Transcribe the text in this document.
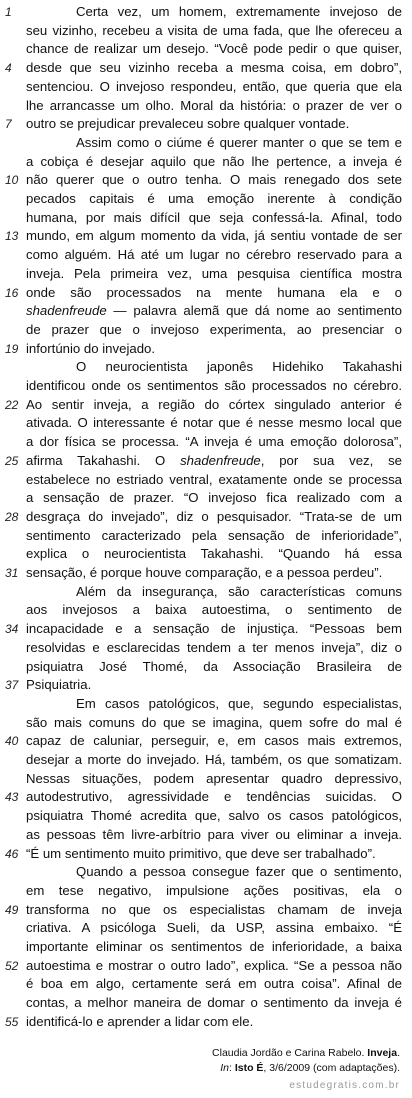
Certa vez, um homem, extremamente invejoso de
seu vizinho, recebeu a visita de uma fada, que lhe ofereceu a
chance de realizar um desejo. “Você pode pedir o que quiser,
desde que seu vizinho receba a mesma coisa, em dobro”,
sentenciou. O invejoso respondeu, então, que queria que ela
lhe arrancasse um olho. Moral da história: o prazer de ver o
outro se prejudicar prevaleceu sobre qualquer vontade.
Assim como o ciúme é querer manter o que se tem e
a cobiça é desejar aquilo que não lhe pertence, a inveja é
não querer que o outro tenha. O mais renegado dos sete
pecados capitais é uma emoção inerente à condição
humana, por mais difícil que seja confessá-la. Afinal, todo
mundo, em algum momento da vida, já sentiu vontade de ser
como alguém. Há até um lugar no cérebro reservado para a
inveja. Pela primeira vez, uma pesquisa científica mostra
onde são processados na mente humana ela e o
shadenfreude — palavra alemã que dá nome ao sentimento
de prazer que o invejoso experimenta, ao presenciar o
infortúnio do invejado.
O neurocientista japonês Hidehiko Takahashi
identificou onde os sentimentos são processados no cérebro.
Ao sentir inveja, a região do córtex singulado anterior é
ativada. O interessante é notar que é nesse mesmo local que
a dor física se processa. “A inveja é uma emoção dolorosa”,
afirma Takahashi. O shadenfreude, por sua vez, se
estabelece no estriado ventral, exatamente onde se processa
a sensação de prazer. “O invejoso fica realizado com a
desgraça do invejado”, diz o pesquisador. “Trata-se de um
sentimento caracterizado pela sensação de inferioridade”,
explica o neurocientista Takahashi. “Quando há essa
sensação, é porque houve comparação, e a pessoa perdeu”.
Além da insegurança, são características comuns
aos invejosos a baixa autoestima, o sentimento de
incapacidade e a sensação de injustiça. “Pessoas bem
resolvidas e esclarecidas tendem a ter menos inveja”, diz o
psiquiatra José Thomé, da Associação Brasileira de
Psiquiatria.
Em casos patológicos, que, segundo especialistas,
são mais comuns do que se imagina, quem sofre do mal é
capaz de caluniar, perseguir, e, em casos mais extremos,
desejar a morte do invejado. Há, também, os que somatizam.
Nessas situações, podem apresentar quadro depressivo,
autodestrutivo, agressividade e tendências suicidas. O
psiquiatra Thomé acredita que, salvo os casos patológicos,
as pessoas têm livre-arbítrio para viver ou eliminar a inveja.
“É um sentimento muito primitivo, que deve ser trabalhado”.
Quando a pessoa consegue fazer que o sentimento,
em tese negativo, impulsione ações positivas, ela o
transforma no que os especialistas chamam de inveja
criativa. A psicóloga Sueli, da USP, assina embaixo. “É
importante eliminar os sentimentos de inferioridade, a baixa
autoestima e mostrar o outro lado”, explica. “Se a pessoa não
é boa em algo, certamente será em outra coisa”. Afinal de
contas, a melhor maneira de domar o sentimento da inveja é
identificá-lo e aprender a lidar com ele.
1
4
7
10
13
16
19
22
25
28
31
34
37
40
43
46
49
52
55
Claudia Jordão e Carina Rabelo. Inveja.
In: Isto É, 3/6/2009 (com adaptações).
estudegratis.com.br
